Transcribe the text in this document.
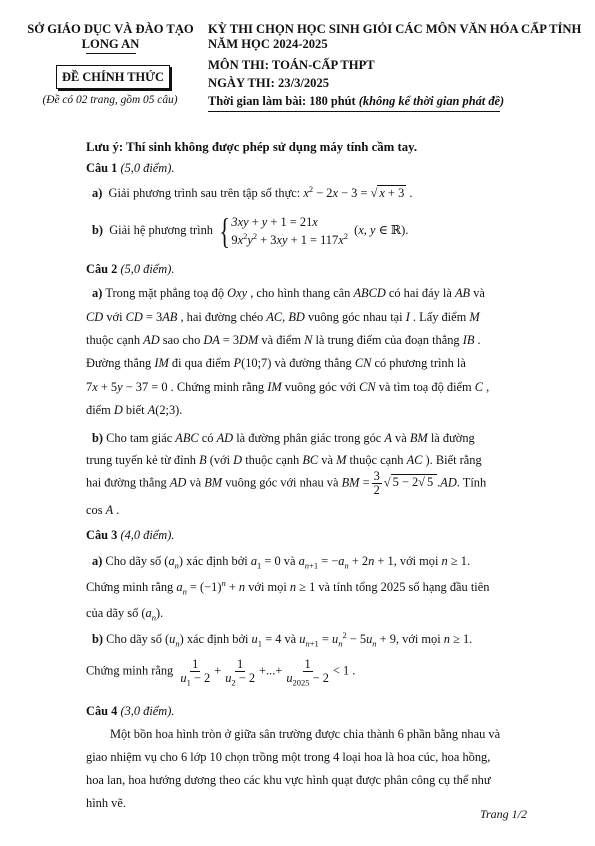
SỞ GIÁO DỤC VÀ ĐÀO TẠO
LONG AN
ĐỀ CHÍNH THỨC
(Đề có 02 trang, gồm 05 câu)
KỲ THI CHỌN HỌC SINH GIỎI CÁC MÔN VĂN HÓA CẤP TỈNH
NĂM HỌC 2024-2025
MÔN THI: TOÁN-CẤP THPT
NGÀY THI: 23/3/2025
Thời gian làm bài: 180 phút (không kể thời gian phát đề)
Lưu ý: Thí sinh không được phép sử dụng máy tính cầm tay.
Câu 1 (5,0 điểm).
a) Giải phương trình sau trên tập số thực: $x^2 - 2x - 3$ = √ x + 3 .
b) Giải hệ phương trình { 3xy + y + 1 = 21x
$9x^2y^2 + 3xy + 1 = 117x^2$ (x, y ∈ ℝ).
Câu 2 (5,0 điểm).
a) Trong mặt phẳng toạ độ Oxy , cho hình thang cân ABCD có hai đáy là AB và
CD với CD = 3AB , hai đường chéo AC, BD vuông góc nhau tại I . Lấy điểm M
thuộc cạnh AD sao cho DA = 3DM và điểm N là trung điểm của đoạn thẳng IB .
Đường thẳng IM đi qua điểm P(10;7) và đường thẳng CN có phương trình là
7x + 5y − 37 = 0 . Chứng minh rằng IM vuông góc với CN và tìm toạ độ điểm C ,
điểm D biết A(2;3).
b) Cho tam giác ABC có AD là đường phân giác trong góc A và BM là đường
trung tuyến kẻ từ đỉnh B (với D thuộc cạnh BC và M thuộc cạnh AC ). Biết rằng
hai đường thẳng AD và BM vuông góc với nhau và BM = $\frac{3}{2}$ √ 5 − 2√ 5 .AD. Tính
cos A .
Câu 3 (4,0 điểm).
a) Cho dãy số $(a_n)$ xác định bởi $a_1 = 0$ và $a_{n+1} = -a_n + 2n + 1$, với mọi n ≥ 1.
Chứng minh rằng $a_n = (-1)^n + n$ với mọi n ≥ 1 và tính tổng 2025 số hạng đầu tiên
của dãy số $(a_n)$.
b) Cho dãy số $(u_n)$ xác định bởi $u_1 = 4$ và $u_{n+1} = u_n^2 - 5u_n + 9$, với mọi n ≥ 1.
Chứng minh rằng $\frac{1}{u_1 - 2} + \frac{1}{u_2 - 2}$ +...+ $\frac{1}{u_{2025} - 2} < 1$ .
Câu 4 (3,0 điểm).
Một bồn hoa hình tròn ở giữa sân trường được chia thành 6 phần bằng nhau và
giao nhiệm vụ cho 6 lớp 10 chọn trồng một trong 4 loại hoa là hoa cúc, hoa hồng,
hoa lan, hoa hướng dương theo các khu vực hình quạt được phân công cụ thể như
hình vẽ.
Trang 1/2
